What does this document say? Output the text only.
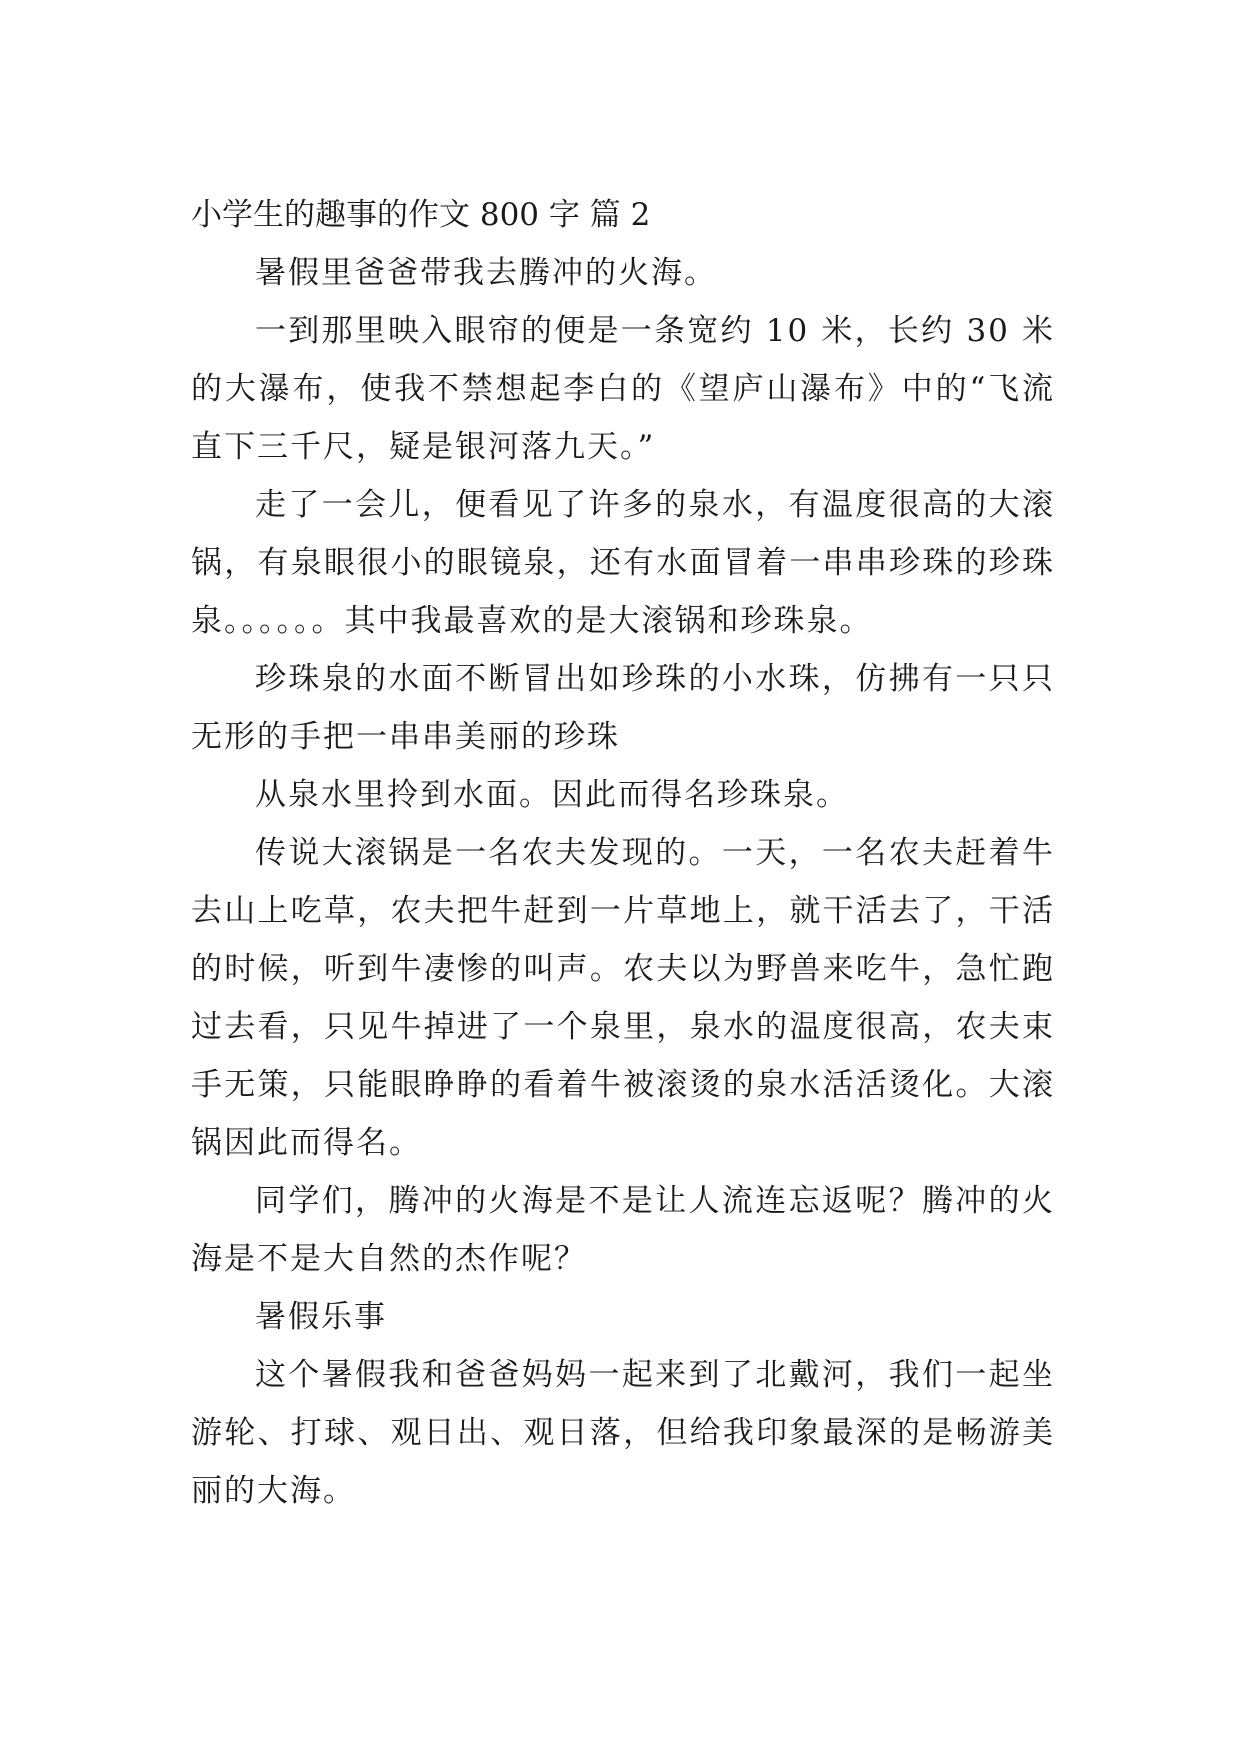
小学生的趣事的作文 800 字 篇 2

暑假里爸爸带我去腾冲的火海。

一到那里映入眼帘的便是一条宽约 10 米，长约 30 米的大瀑布，使我不禁想起李白的《望庐山瀑布》中的“飞流直下三千尺，疑是银河落九天。”

走了一会儿，便看见了许多的泉水，有温度很高的大滚锅，有泉眼很小的眼镜泉，还有水面冒着一串串珍珠的珍珠泉。。。。。。其中我最喜欢的是大滚锅和珍珠泉。

珍珠泉的水面不断冒出如珍珠的小水珠，仿拂有一只只无形的手把一串串美丽的珍珠

从泉水里拎到水面。因此而得名珍珠泉。

传说大滚锅是一名农夫发现的。一天，一名农夫赶着牛去山上吃草，农夫把牛赶到一片草地上，就干活去了，干活的时候，听到牛凄惨的叫声。农夫以为野兽来吃牛，急忙跑过去看，只见牛掉进了一个泉里，泉水的温度很高，农夫束手无策，只能眼睁睁的看着牛被滚烫的泉水活活烫化。大滚锅因此而得名。

同学们，腾冲的火海是不是让人流连忘返呢？腾冲的火海是不是大自然的杰作呢？

暑假乐事

这个暑假我和爸爸妈妈一起来到了北戴河，我们一起坐游轮、打球、观日出、观日落，但给我印象最深的是畅游美丽的大海。
